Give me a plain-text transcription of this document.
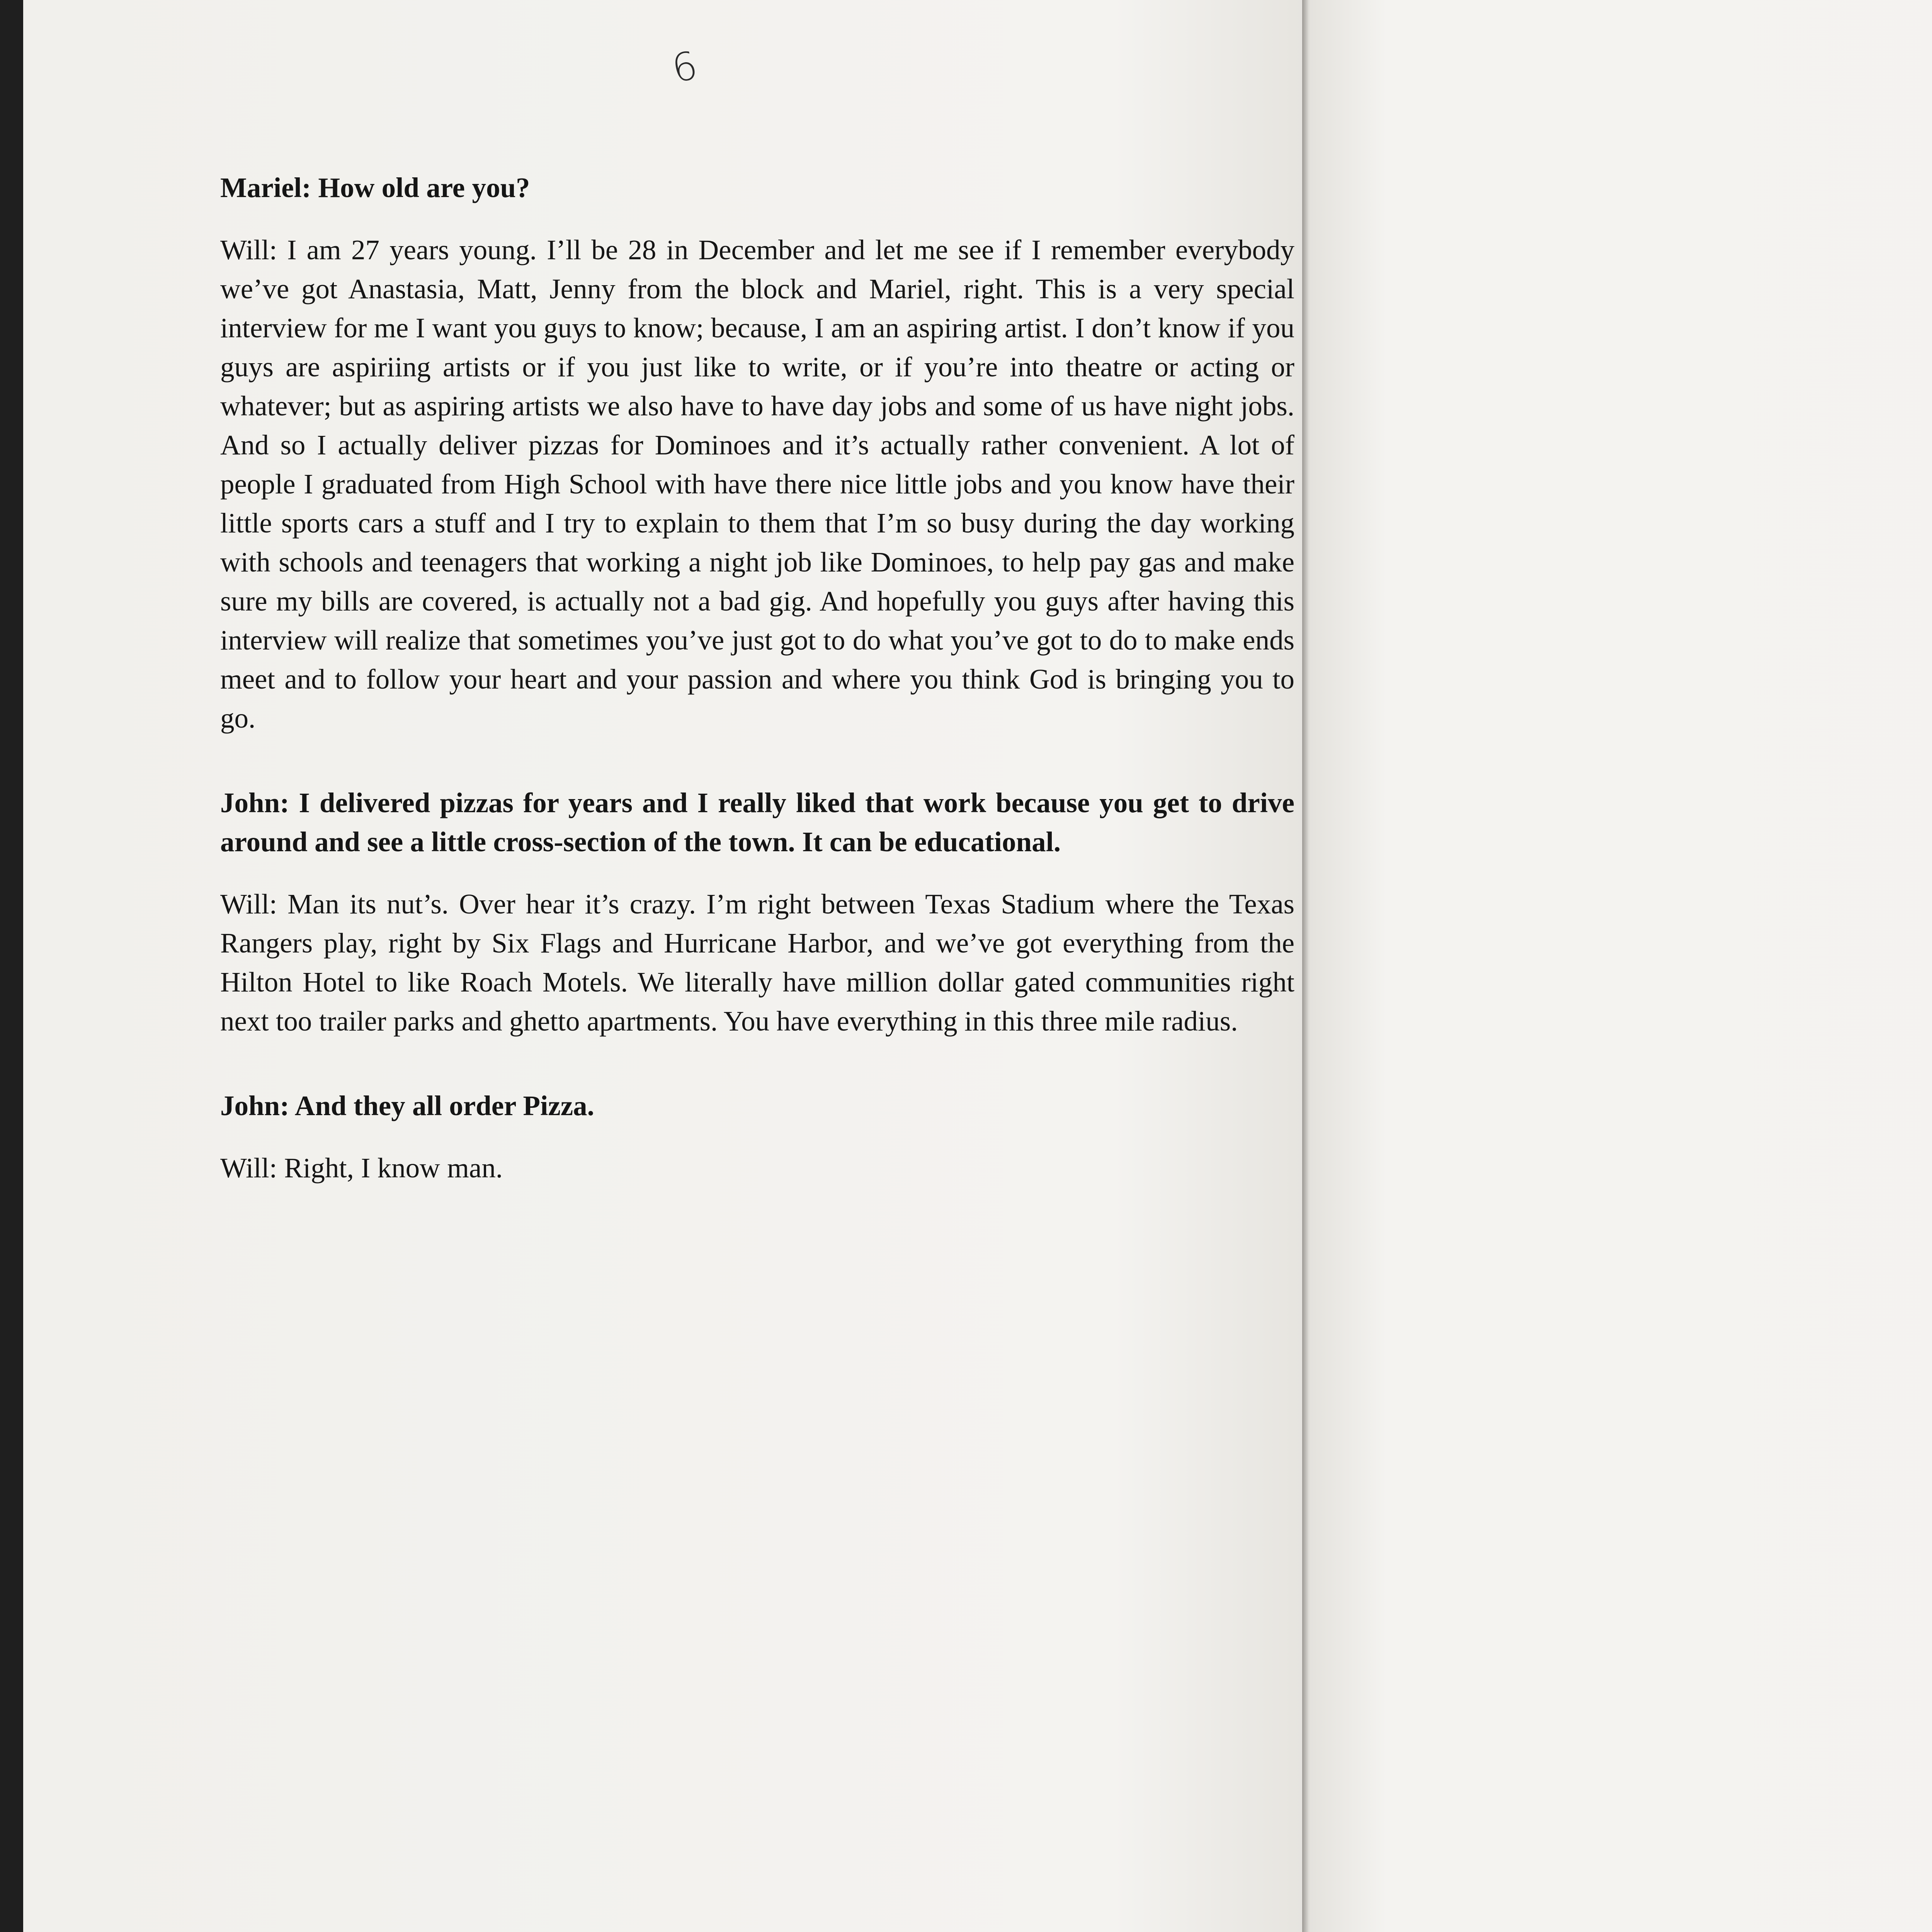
6

Mariel: How old are you?

Will: I am 27 years young. I’ll be 28 in December and let me see if I remember everybody we’ve got Anastasia, Matt, Jenny from the block and Mariel, right. This is a very special interview for me I want you guys to know; because, I am an aspiring artist. I don’t know if you guys are aspiriing artists or if you just like to write, or if you’re into theatre or acting or whatever; but as aspiring artists we also have to have day jobs and some of us have night jobs. And so I actually deliver pizzas for Dominoes and it’s actually rather convenient. A lot of people I graduated from High School with have there nice little jobs and you know have their little sports cars a stuff and I try to explain to them that I’m so busy during the day working with schools and teenagers that working a night job like Dominoes, to help pay gas and make sure my bills are covered, is actually not a bad gig. And hopefully you guys after having this interview will realize that sometimes you’ve just got to do what you’ve got to do to make ends meet and to follow your heart and your passion and where you think God is bringing you to go.

John: I delivered pizzas for years and I really liked that work because you get to drive around and see a little cross-section of the town. It can be educational.

Will: Man its nut’s. Over hear it’s crazy. I’m right between Texas Stadium where the Texas Rangers play, right by Six Flags and Hurricane Harbor, and we’ve got everything from the Hilton Hotel to like Roach Motels. We literally have million dollar gated communities right next too trailer parks and ghetto apartments. You have everything in this three mile radius.

John: And they all order Pizza.

Will: Right, I know man.
